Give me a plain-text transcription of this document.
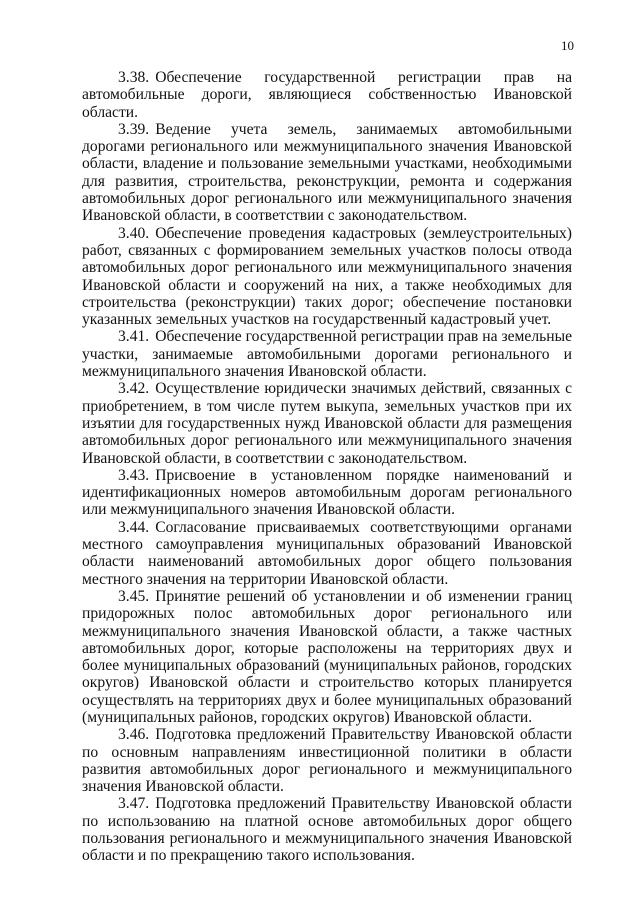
10

3.38. Обеспечение государственной регистрации прав на автомобильные дороги, являющиеся собственностью Ивановской области.

3.39. Ведение учета земель, занимаемых автомобильными дорогами регионального или межмуниципального значения Ивановской области, владение и пользование земельными участками, необходимыми для развития, строительства, реконструкции, ремонта и содержания автомобильных дорог регионального или межмуниципального значения Ивановской области, в соответствии с законодательством.

3.40. Обеспечение проведения кадастровых (землеустроительных) работ, связанных с формированием земельных участков полосы отвода автомобильных дорог регионального или межмуниципального значения Ивановской области и сооружений на них, а также необходимых для строительства (реконструкции) таких дорог; обеспечение постановки указанных земельных участков на государственный кадастровый учет.

3.41. Обеспечение государственной регистрации прав на земельные участки, занимаемые автомобильными дорогами регионального и межмуниципального значения Ивановской области.

3.42. Осуществление юридически значимых действий, связанных с приобретением, в том числе путем выкупа, земельных участков при их изъятии для государственных нужд Ивановской области для размещения автомобильных дорог регионального или межмуниципального значения Ивановской области, в соответствии с законодательством.

3.43. Присвоение в установленном порядке наименований и идентификационных номеров автомобильным дорогам регионального или межмуниципального значения Ивановской области.

3.44. Согласование присваиваемых соответствующими органами местного самоуправления муниципальных образований Ивановской области наименований автомобильных дорог общего пользования местного значения на территории Ивановской области.

3.45. Принятие решений об установлении и об изменении границ придорожных полос автомобильных дорог регионального или межмуниципального значения Ивановской области, а также частных автомобильных дорог, которые расположены на территориях двух и более муниципальных образований (муниципальных районов, городских округов) Ивановской области и строительство которых планируется осуществлять на территориях двух и более муниципальных образований (муниципальных районов, городских округов) Ивановской области.

3.46. Подготовка предложений Правительству Ивановской области по основным направлениям инвестиционной политики в области развития автомобильных дорог регионального и межмуниципального значения Ивановской области.

3.47. Подготовка предложений Правительству Ивановской области по использованию на платной основе автомобильных дорог общего пользования регионального и межмуниципального значения Ивановской области и по прекращению такого использования.
